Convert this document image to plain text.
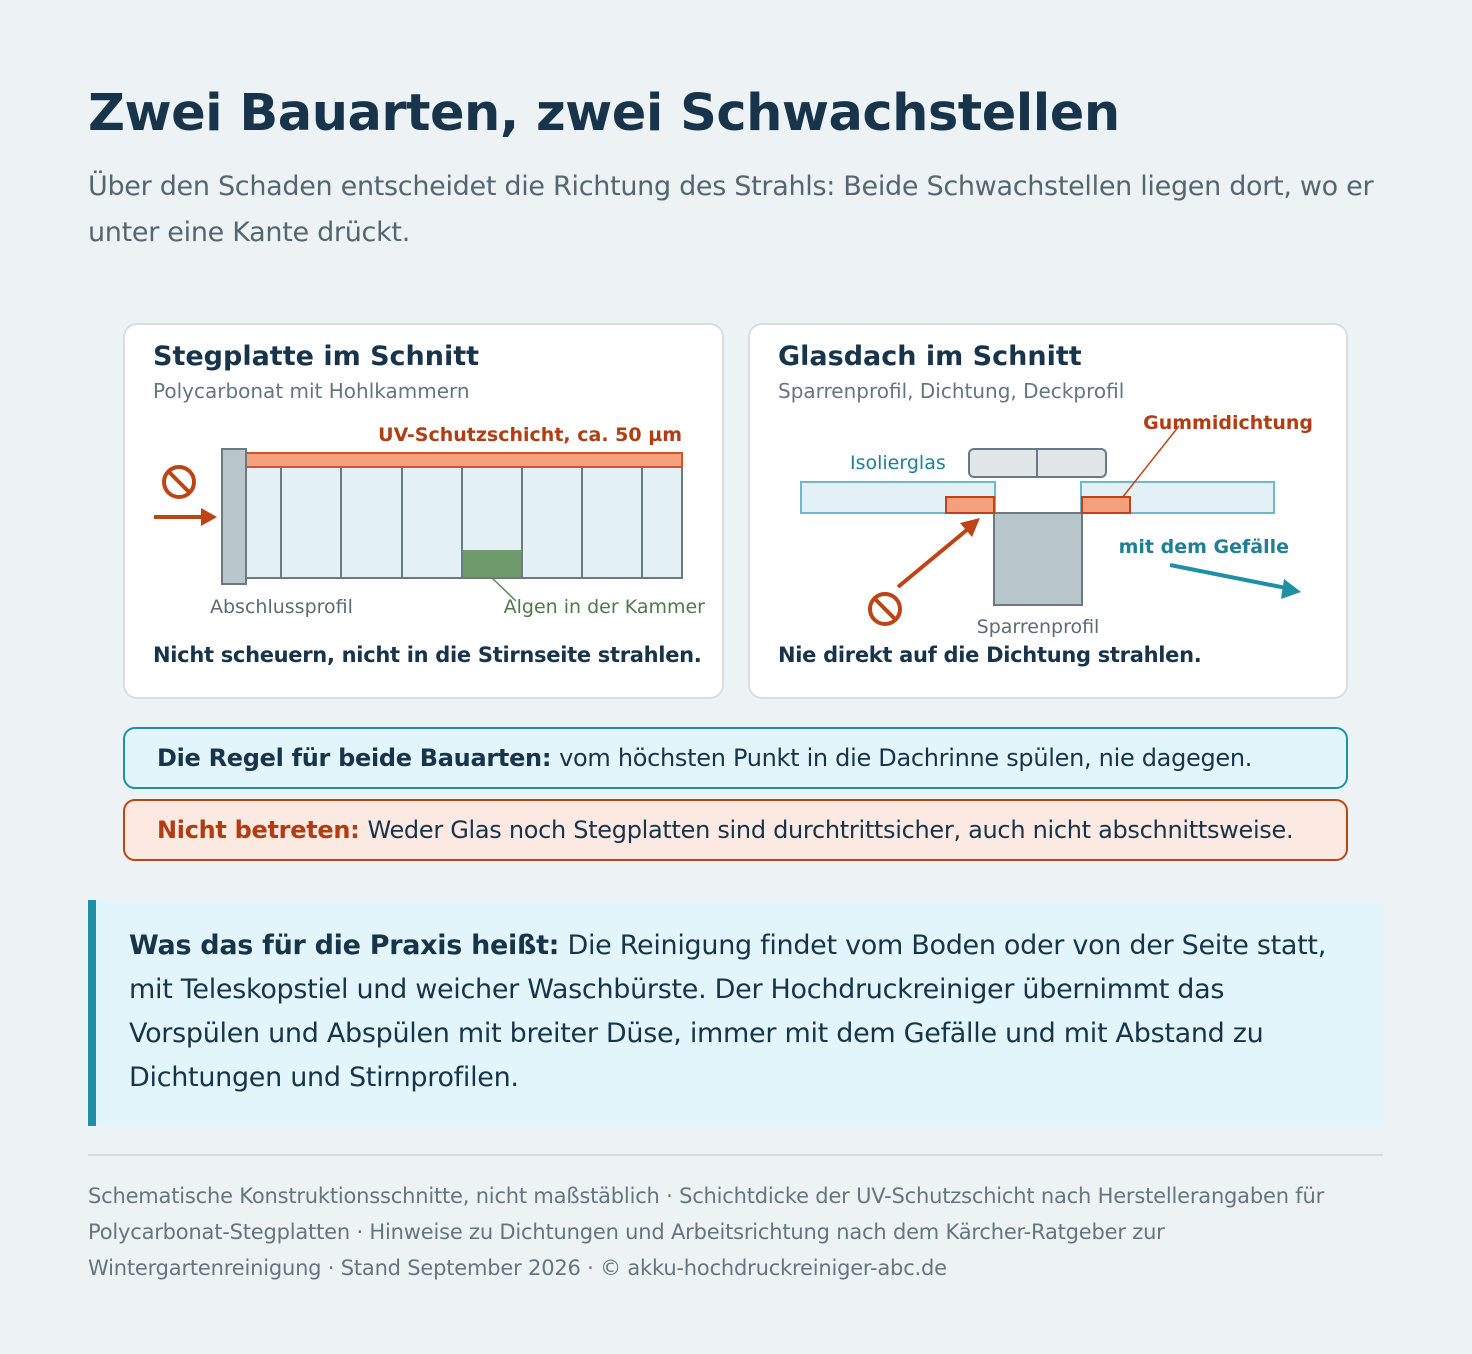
Zwei Bauarten, zwei Schwachstellen

Über den Schaden entscheidet die Richtung des Strahls: Beide Schwachstellen liegen dort, wo er unter eine Kante drückt.

Stegplatte im Schnitt
Polycarbonat mit Hohlkammern
UV-Schutzschicht, ca. 50 µm
Abschlussprofil	Algen in der Kammer
Nicht scheuern, nicht in die Stirnseite strahlen.
Glasdach im Schnitt
Sparrenprofil, Dichtung, Deckprofil
Gummidichtung
Isolierglas
mit dem Gefälle
Sparrenprofil
Nie direkt auf die Dichtung strahlen.
Die Regel für beide Bauarten: vom höchsten Punkt in die Dachrinne spülen, nie dagegen.
Nicht betreten: Weder Glas noch Stegplatten sind durchtrittsicher, auch nicht abschnittsweise.

Was das für die Praxis heißt: Die Reinigung findet vom Boden oder von der Seite statt, mit Teleskopstiel und weicher Waschbürste. Der Hochdruckreiniger übernimmt das Vorspülen und Abspülen mit breiter Düse, immer mit dem Gefälle und mit Abstand zu Dichtungen und Stirnprofilen.

Schematische Konstruktionsschnitte, nicht maßstäblich · Schichtdicke der UV-Schutzschicht nach Herstellerangaben für Polycarbonat-Stegplatten · Hinweise zu Dichtungen und Arbeitsrichtung nach dem Kärcher-Ratgeber zur Wintergartenreinigung · Stand September 2026 · © akku-hochdruckreiniger-abc.de
